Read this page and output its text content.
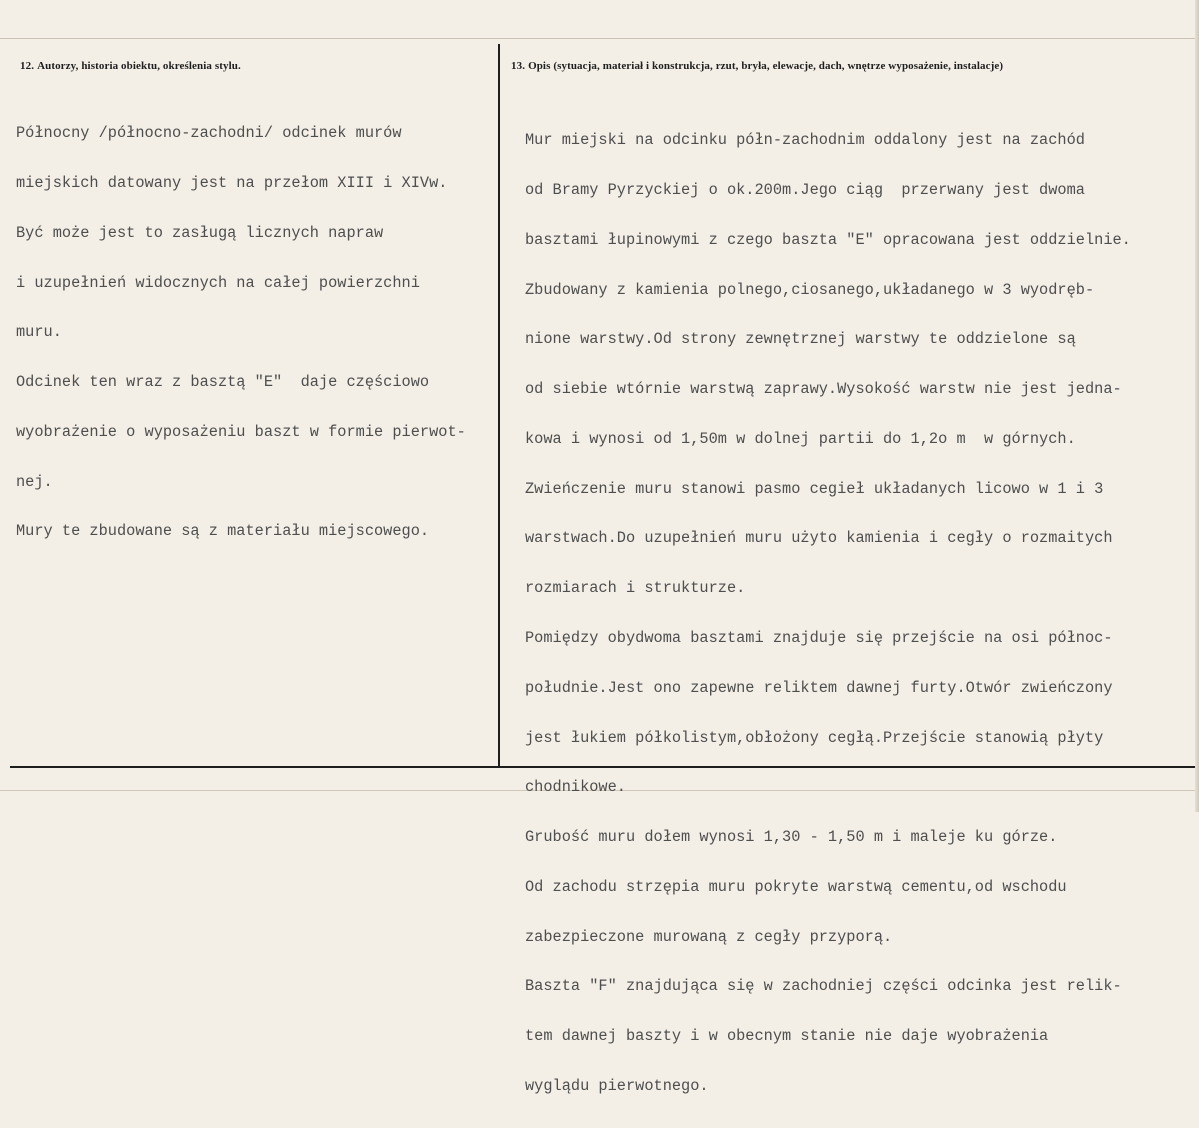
12. Autorzy, historia obiektu, określenia stylu.	13. Opis (sytuacja, materiał i konstrukcja, rzut, bryła, elewacje, dach, wnętrze wyposażenie, instalacje)

Północny /północno-zachodni/ odcinek murów

miejskich datowany jest na przełom XIII i XIVw.

Być może jest to zasługą licznych napraw

i uzupełnień widocznych na całej powierzchni

muru.

Odcinek ten wraz z basztą "E"  daje częściowo

wyobrażenie o wyposażeniu baszt w formie pierwot-

nej.

Mury te zbudowane są z materiału miejscowego.

Mur miejski na odcinku półn-zachodnim oddalony jest na zachód

od Bramy Pyrzyckiej o ok.200m.Jego ciąg  przerwany jest dwoma

basztami łupinowymi z czego baszta "E" opracowana jest oddzielnie.

Zbudowany z kamienia polnego,ciosanego,układanego w 3 wyodręb-

nione warstwy.Od strony zewnętrznej warstwy te oddzielone są

od siebie wtórnie warstwą zaprawy.Wysokość warstw nie jest jedna-

kowa i wynosi od 1,50m w dolnej partii do 1,2o m  w górnych.

Zwieńczenie muru stanowi pasmo cegieł układanych licowo w 1 i 3

warstwach.Do uzupełnień muru użyto kamienia i cegły o rozmaitych

rozmiarach i strukturze.

Pomiędzy obydwoma basztami znajduje się przejście na osi północ-

południe.Jest ono zapewne reliktem dawnej furty.Otwór zwieńczony

jest łukiem półkolistym,obłożony cegłą.Przejście stanowią płyty

chodnikowe.

Grubość muru dołem wynosi 1,30 - 1,50 m i maleje ku górze.

Od zachodu strzępia muru pokryte warstwą cementu,od wschodu

zabezpieczone murowaną z cegły przyporą.

Baszta "F" znajdująca się w zachodniej części odcinka jest relik-

tem dawnej baszty i w obecnym stanie nie daje wyobrażenia

wyglądu pierwotnego.
